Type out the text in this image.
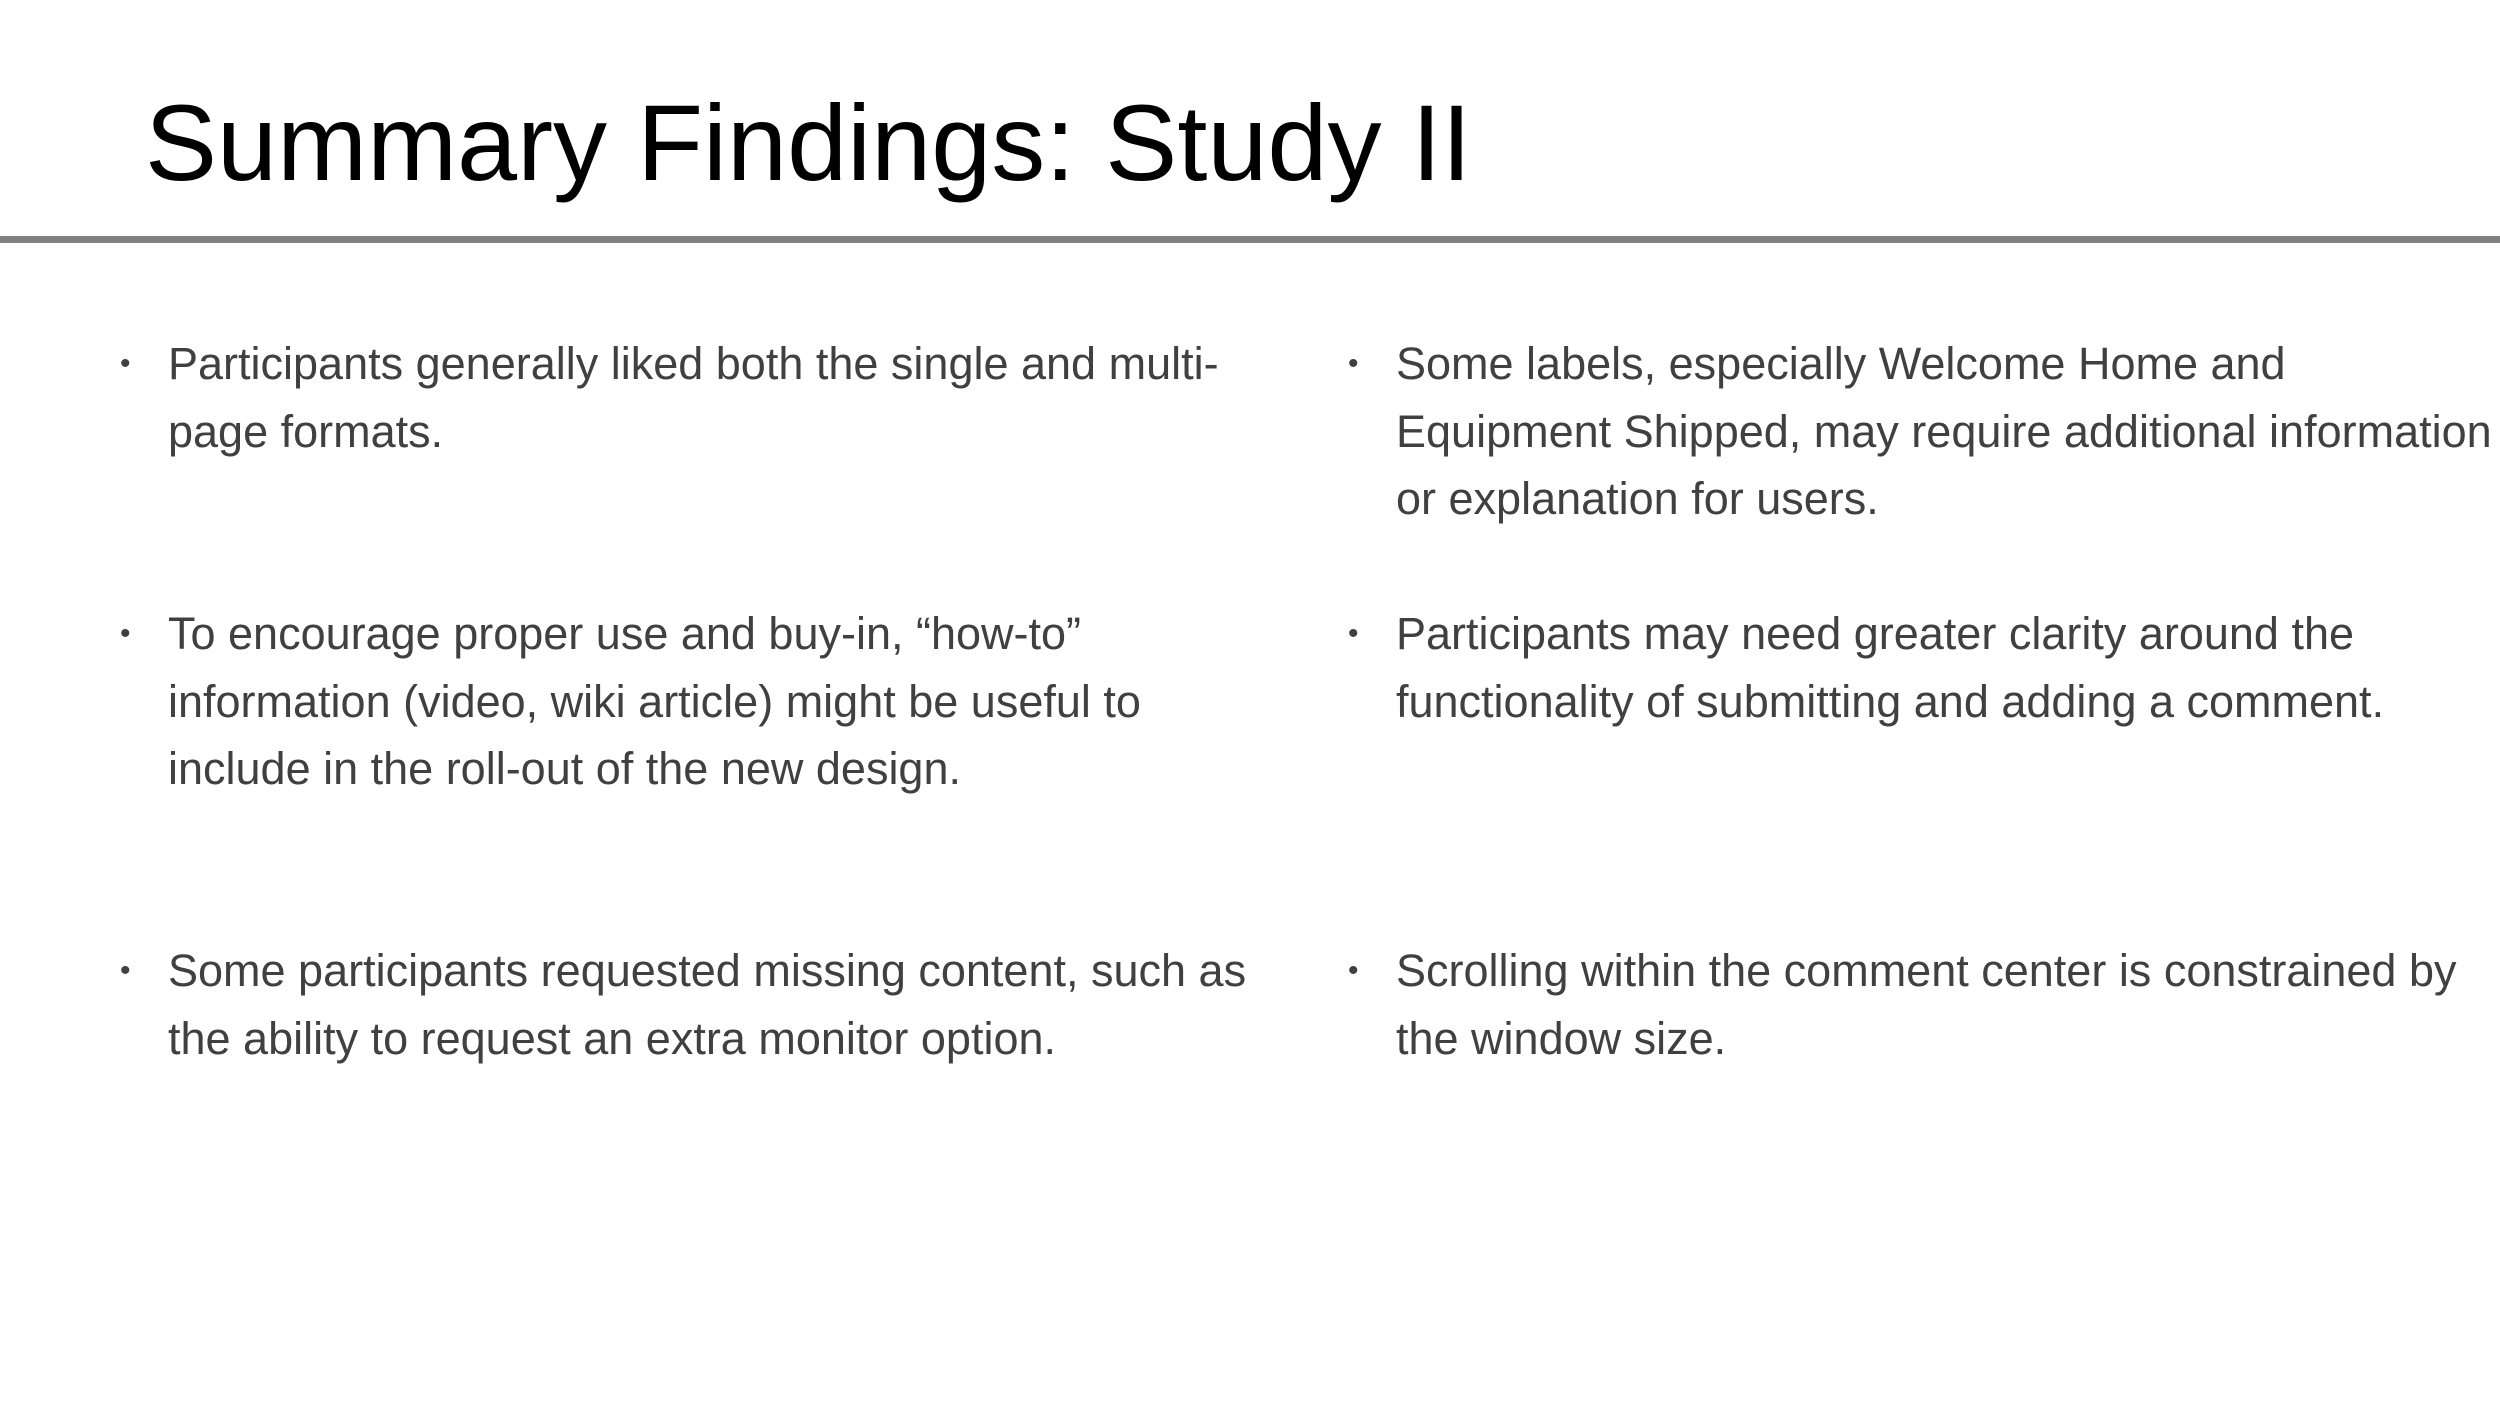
Summary Findings: Study II
• Participants generally liked both the single and multi-page formats.

• To encourage proper use and buy-in, “how-to” information (video, wiki article) might be useful to include in the roll-out of the new design.

• Some participants requested missing content, such as the ability to request an extra monitor option.

• Some labels, especially Welcome Home and Equipment Shipped, may require additional information or explanation for users.

• Participants may need greater clarity around the functionality of submitting and adding a comment.

• Scrolling within the comment center is constrained by the window size.
